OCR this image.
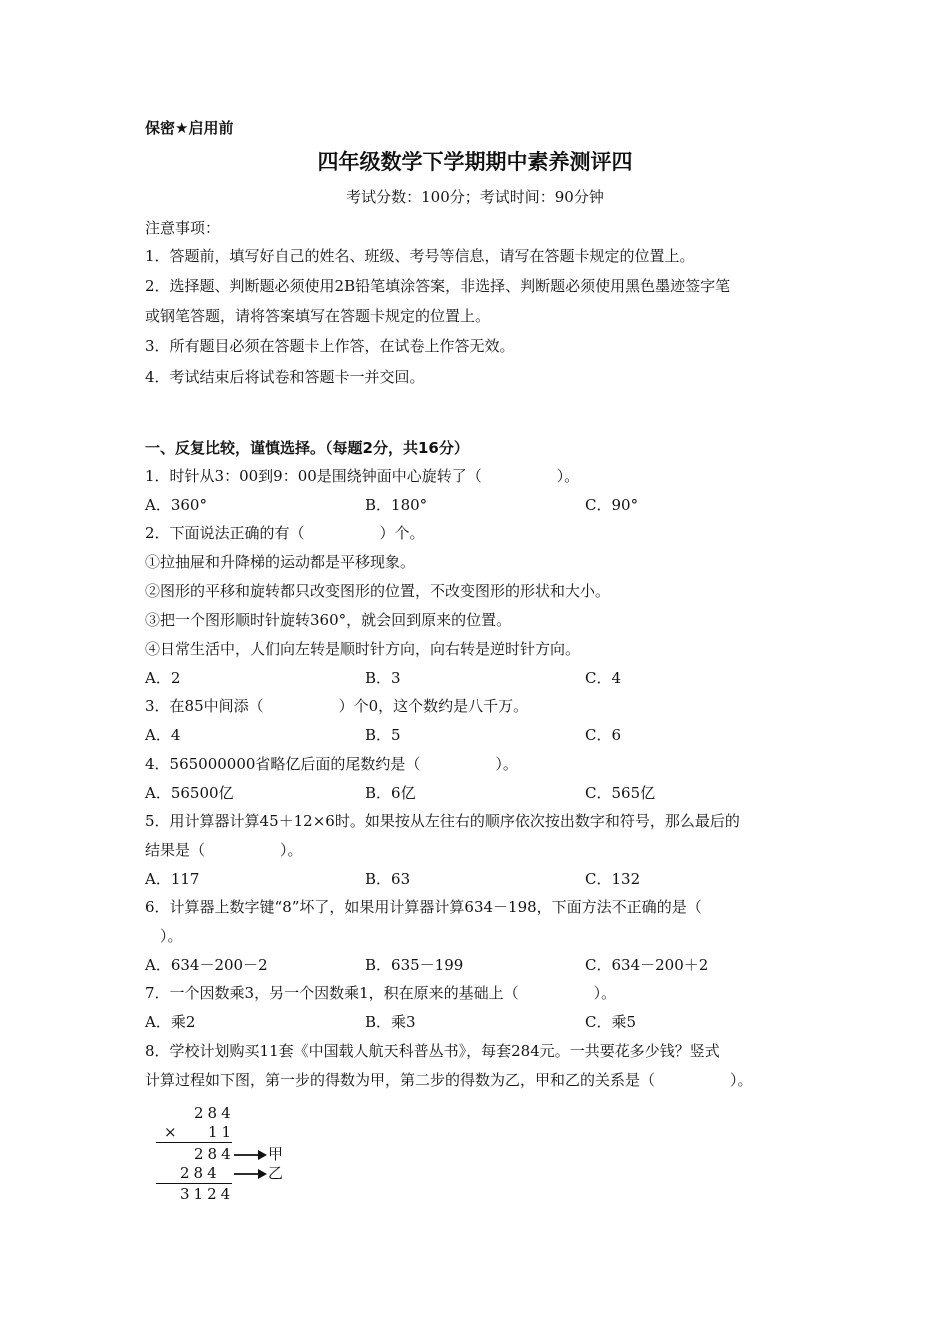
保密★启用前
四年级数学下学期期中素养测评四
考试分数：100分；考试时间：90分钟
注意事项：
1．答题前，填写好自己的姓名、班级、考号等信息，请写在答题卡规定的位置上。
2．选择题、判断题必须使用2B铅笔填涂答案，非选择、判断题必须使用黑色墨迹签字笔
或钢笔答题，请将答案填写在答题卡规定的位置上。
3．所有题目必须在答题卡上作答，在试卷上作答无效。
4．考试结束后将试卷和答题卡一并交回。
一、反复比较，谨慎选择。（每题2分，共16分）
1．时针从3：00到9：00是围绕钟面中心旋转了（　　　　　）。
A．360°	B．180°	C．90°
2．下面说法正确的有（　　　　　）个。
①拉抽屉和升降梯的运动都是平移现象。
②图形的平移和旋转都只改变图形的位置，不改变图形的形状和大小。
③把一个图形顺时针旋转360°，就会回到原来的位置。
④日常生活中，人们向左转是顺时针方向，向右转是逆时针方向。
A．2	B．3	C．4
3．在85中间添（　　　　　）个0，这个数约是八千万。
A．4	B．5	C．6
4．565000000省略亿后面的尾数约是（　　　　　）。
A．56500亿	B．6亿	C．565亿
5．用计算器计算45＋12×6时。如果按从左往右的顺序依次按出数字和符号，那么最后的
结果是（　　　　　）。
A．117	B．63	C．132
6．计算器上数字键“8”坏了，如果用计算器计算634－198，下面方法不正确的是（
）。
A．634－200－2	B．635－199	C．634－200＋2
7．一个因数乘3，另一个因数乘1，积在原来的基础上（　　　　　）。
A．乘2	B．乘3	C．乘5
8．学校计划购买11套《中国载人航天科普丛书》，每套284元。一共要花多少钱？竖式
计算过程如下图，第一步的得数为甲，第二步的得数为乙，甲和乙的关系是（　　　　　）。
284
× 11
284 甲
284	乙
3124
